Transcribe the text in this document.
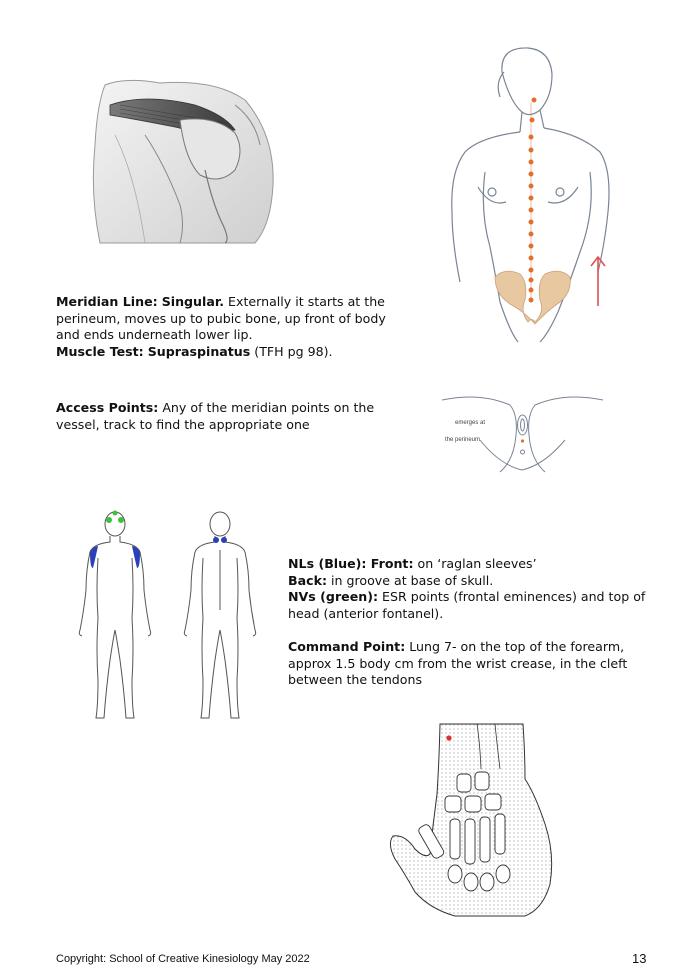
Meridian Line: Singular. Externally it starts at the perineum, moves up to pubic bone, up front of body and ends underneath lower lip.
Muscle Test: Supraspinatus (TFH pg 98).
Access Points: Any of the meridian points on the vessel, track to find the appropriate one	emerges at
the perineum
NLs (Blue): Front: on ‘raglan sleeves’
Back: in groove at base of skull.
NVs (green): ESR points (frontal eminences) and top of head (anterior fontanel).
Command Point: Lung 7- on the top of the forearm, approx 1.5 body cm from the wrist crease, in the cleft between the tendons
Copyright: School of Creative Kinesiology May 2022	13
